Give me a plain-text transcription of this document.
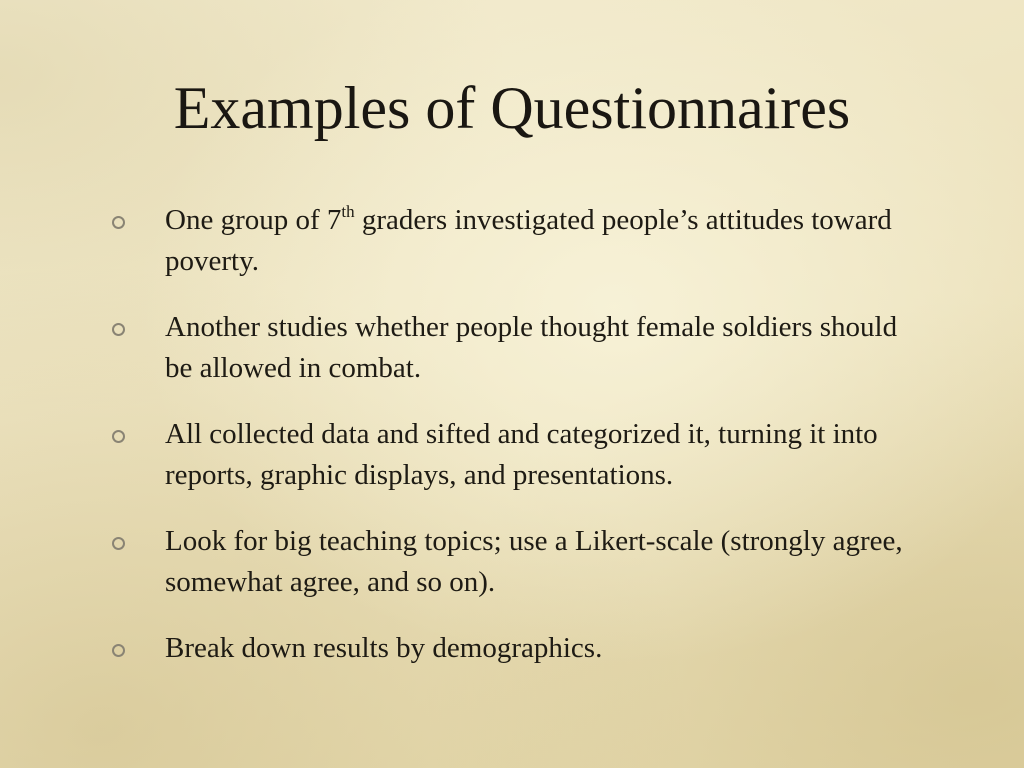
Examples of Questionnaires
One group of 7th graders investigated people’s attitudes toward poverty.
Another studies whether people thought female soldiers should be allowed in combat.
All collected data and sifted and categorized it, turning it into reports, graphic displays, and presentations.
Look for big teaching topics; use a Likert-scale (strongly agree, somewhat agree, and so on).
Break down results by demographics.
